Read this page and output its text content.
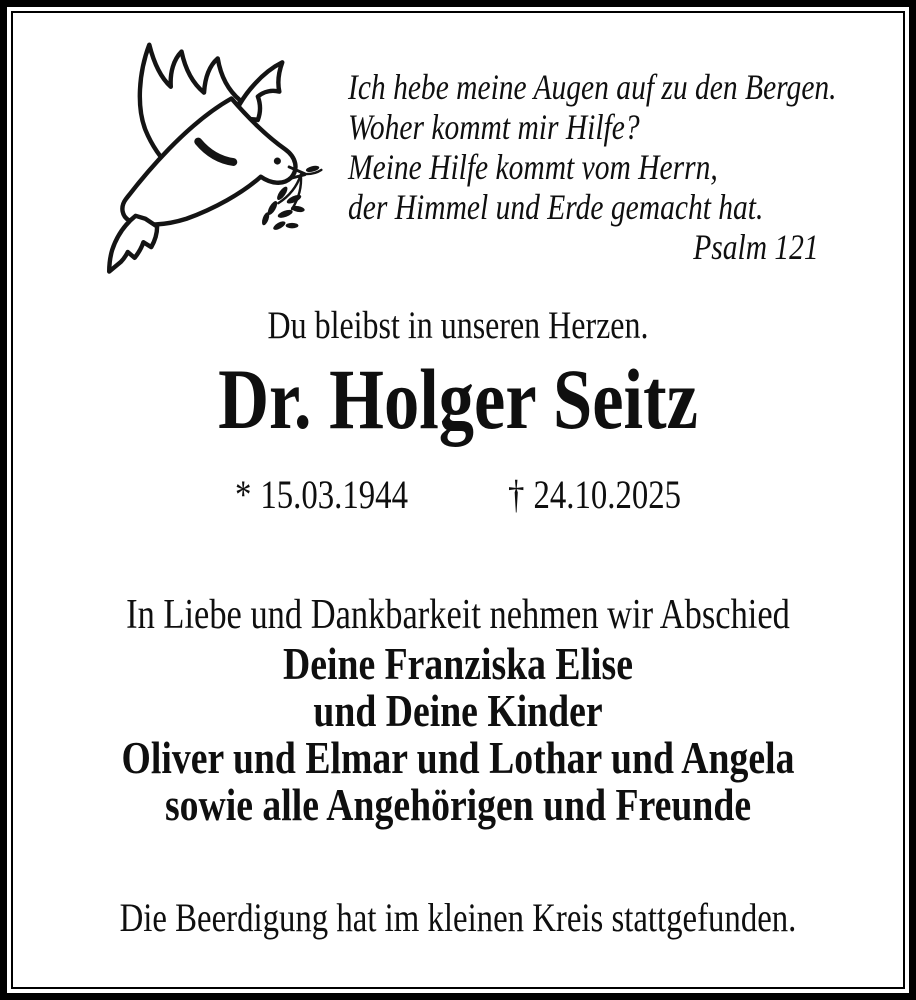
Ich hebe meine Augen auf zu den Bergen.
Woher kommt mir Hilfe?
Meine Hilfe kommt vom Herrn,
der Himmel und Erde gemacht hat.
Psalm 121
Du bleibst in unseren Herzen.
Dr. Holger Seitz
* 15.03.1944	† 24.10.2025
In Liebe und Dankbarkeit nehmen wir Abschied
Deine Franziska Elise
und Deine Kinder
Oliver und Elmar und Lothar und Angela
sowie alle Angehörigen und Freunde
Die Beerdigung hat im kleinen Kreis stattgefunden.
